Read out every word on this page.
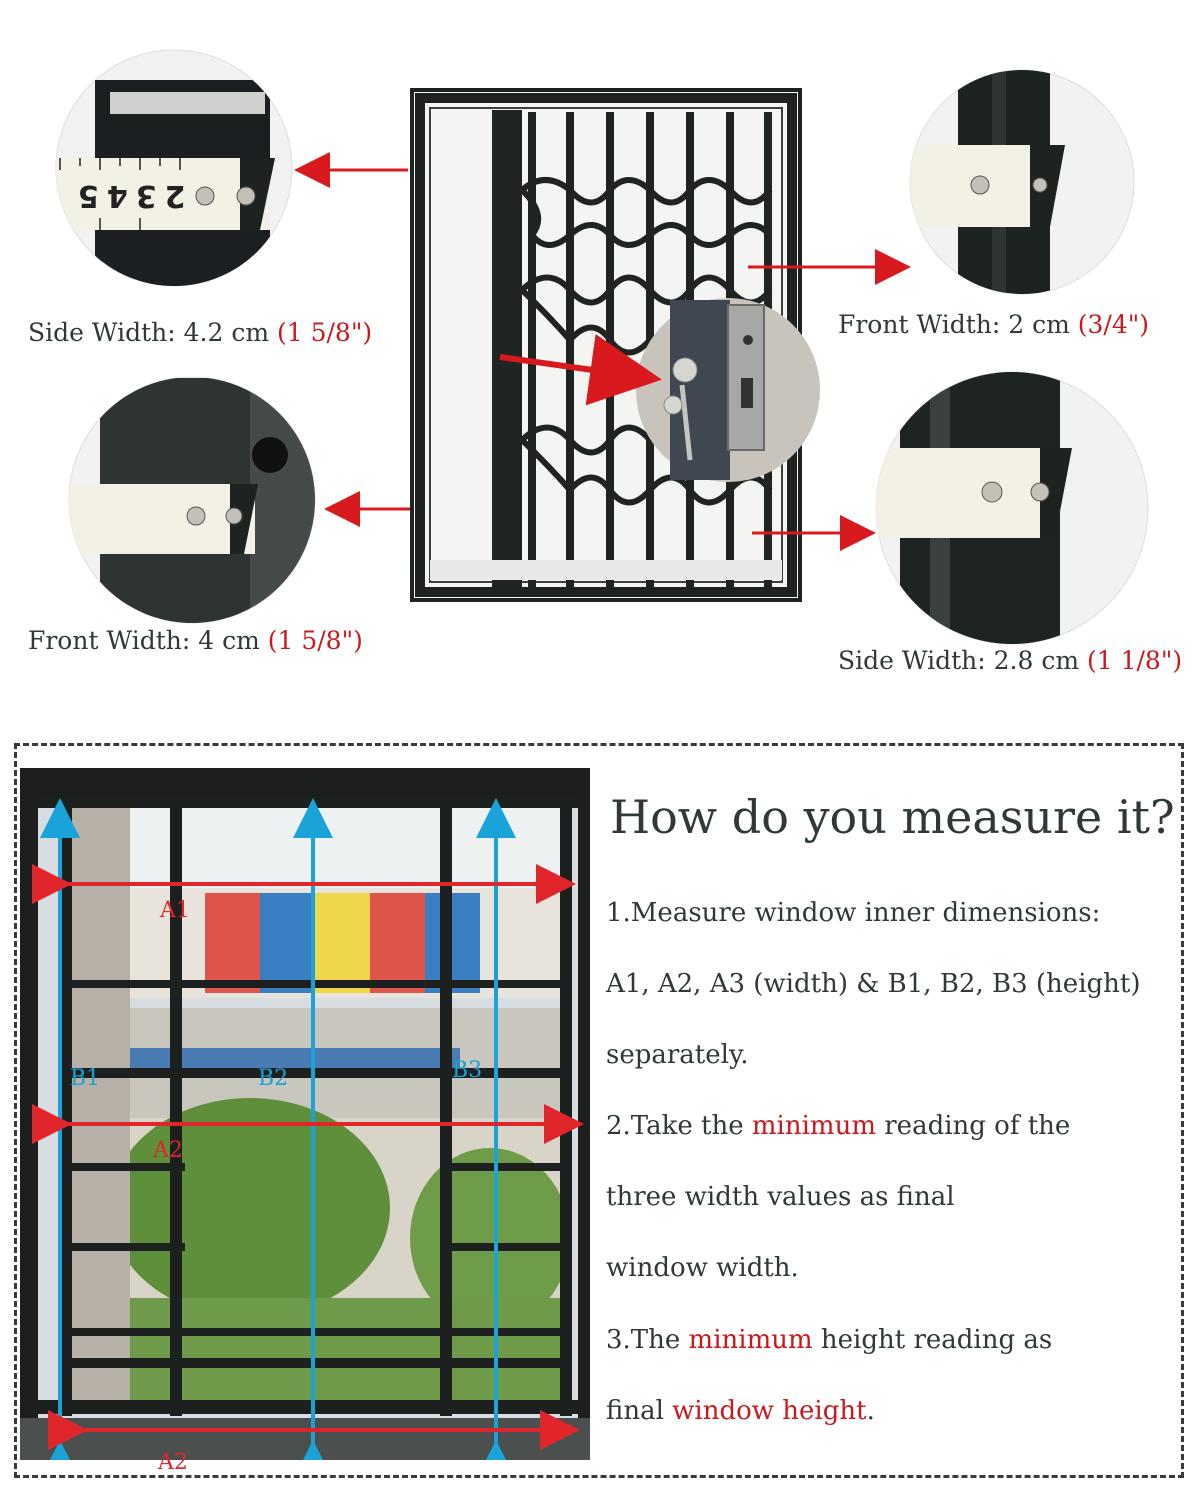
2345
Side Width: 4.2 cm (1 5/8")	Front Width: 2 cm (3/4")
Front Width: 4 cm (1 5/8")
Side Width: 2.8 cm (1 1/8")
A1
A2
A2
B1	B2	B3
How do you measure it?
1.Measure window inner dimensions:
A1, A2, A3 (width) & B1, B2, B3 (height)
separately.
2.Take the minimum reading of the
three width values as final
window width.
3.The minimum height reading as
final window height.
